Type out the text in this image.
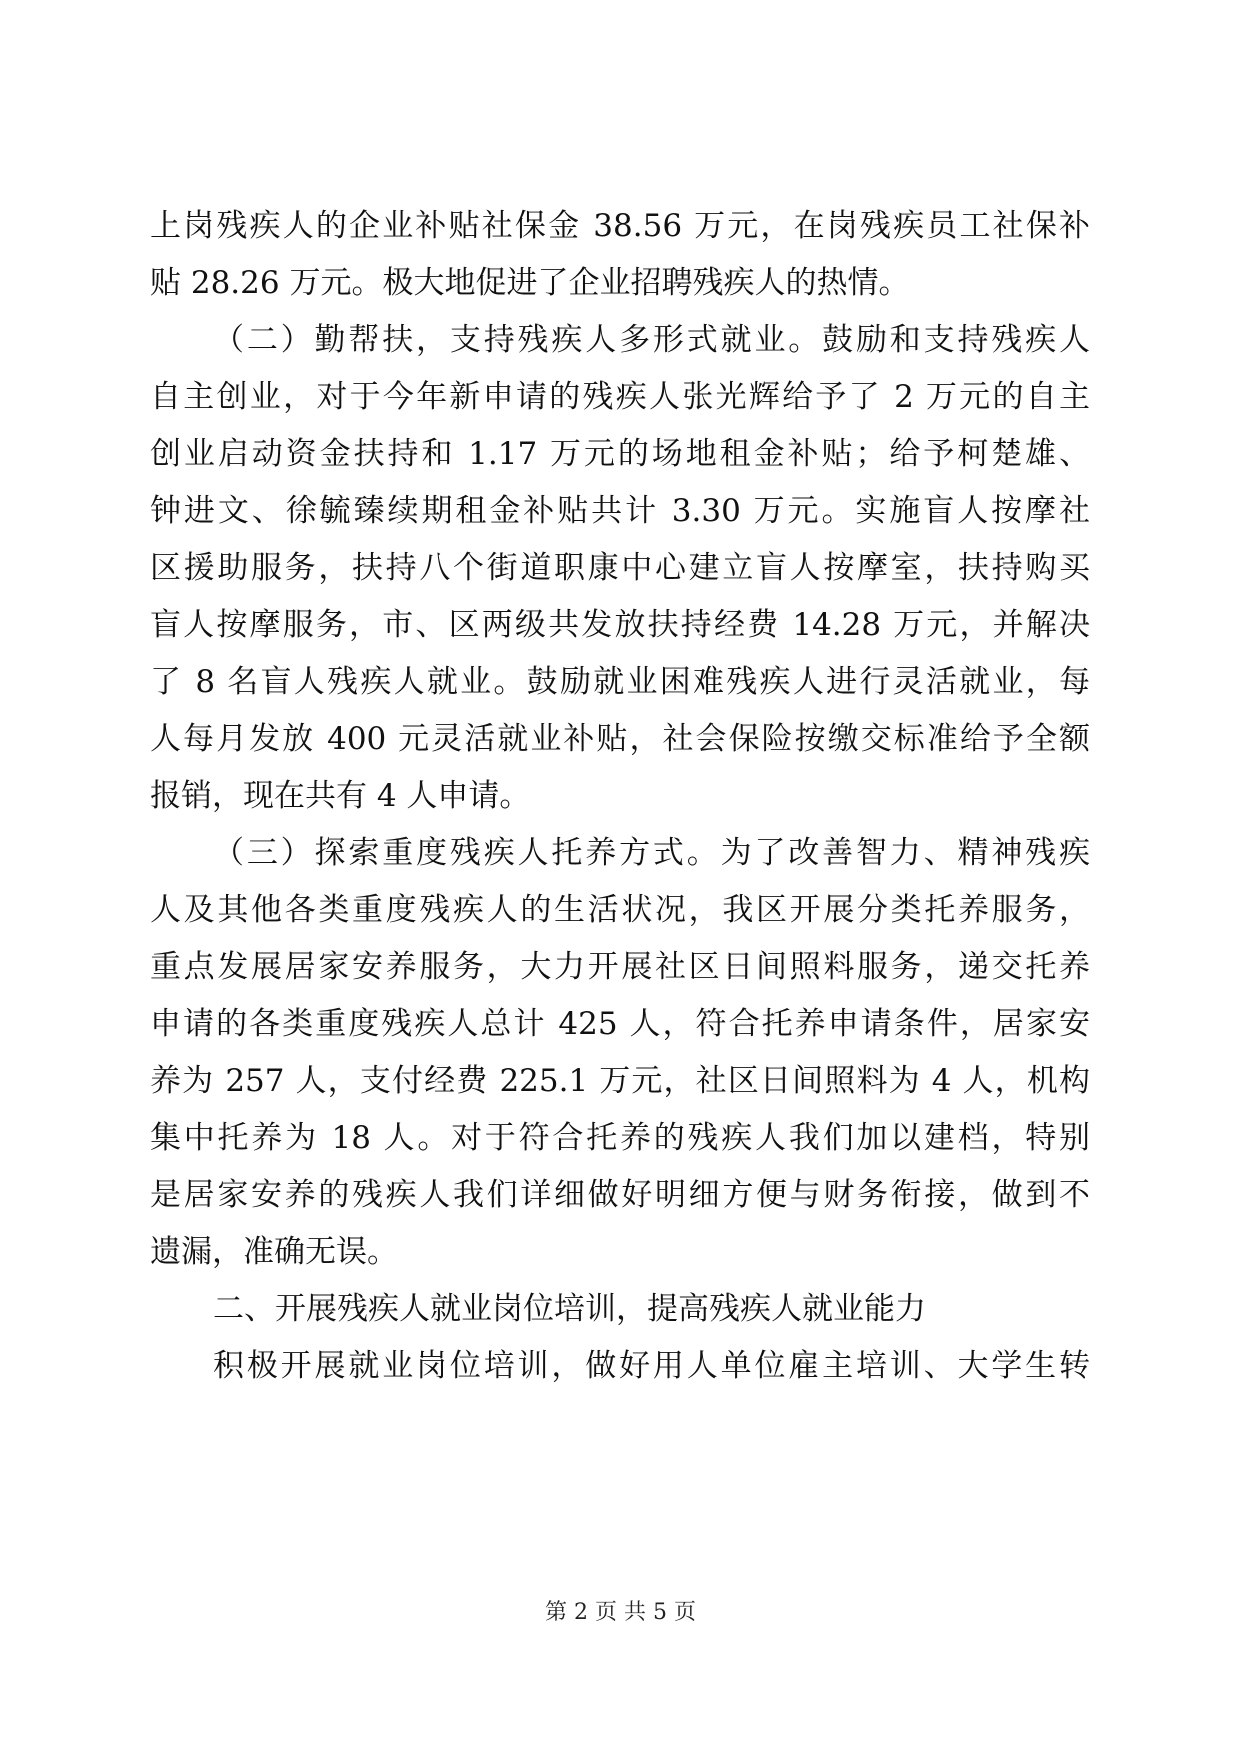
上岗残疾人的企业补贴社保金 38.56 万元，在岗残疾员工社保补
贴 28.26 万元。极大地促进了企业招聘残疾人的热情。
（二）勤帮扶，支持残疾人多形式就业。鼓励和支持残疾人
自主创业，对于今年新申请的残疾人张光辉给予了 2 万元的自主
创业启动资金扶持和 1.17 万元的场地租金补贴；给予柯楚雄、
钟进文、徐毓臻续期租金补贴共计 3.30 万元。实施盲人按摩社
区援助服务，扶持八个街道职康中心建立盲人按摩室，扶持购买
盲人按摩服务，市、区两级共发放扶持经费 14.28 万元，并解决
了 8 名盲人残疾人就业。鼓励就业困难残疾人进行灵活就业，每
人每月发放 400 元灵活就业补贴，社会保险按缴交标准给予全额
报销，现在共有 4 人申请。
（三）探索重度残疾人托养方式。为了改善智力、精神残疾
人及其他各类重度残疾人的生活状况，我区开展分类托养服务，
重点发展居家安养服务，大力开展社区日间照料服务，递交托养
申请的各类重度残疾人总计 425 人，符合托养申请条件，居家安
养为 257 人，支付经费 225.1 万元，社区日间照料为 4 人，机构
集中托养为 18 人。对于符合托养的残疾人我们加以建档，特别
是居家安养的残疾人我们详细做好明细方便与财务衔接，做到不
遗漏，准确无误。
二、开展残疾人就业岗位培训，提高残疾人就业能力
积极开展就业岗位培训，做好用人单位雇主培训、大学生转
第 2 页 共 5 页
